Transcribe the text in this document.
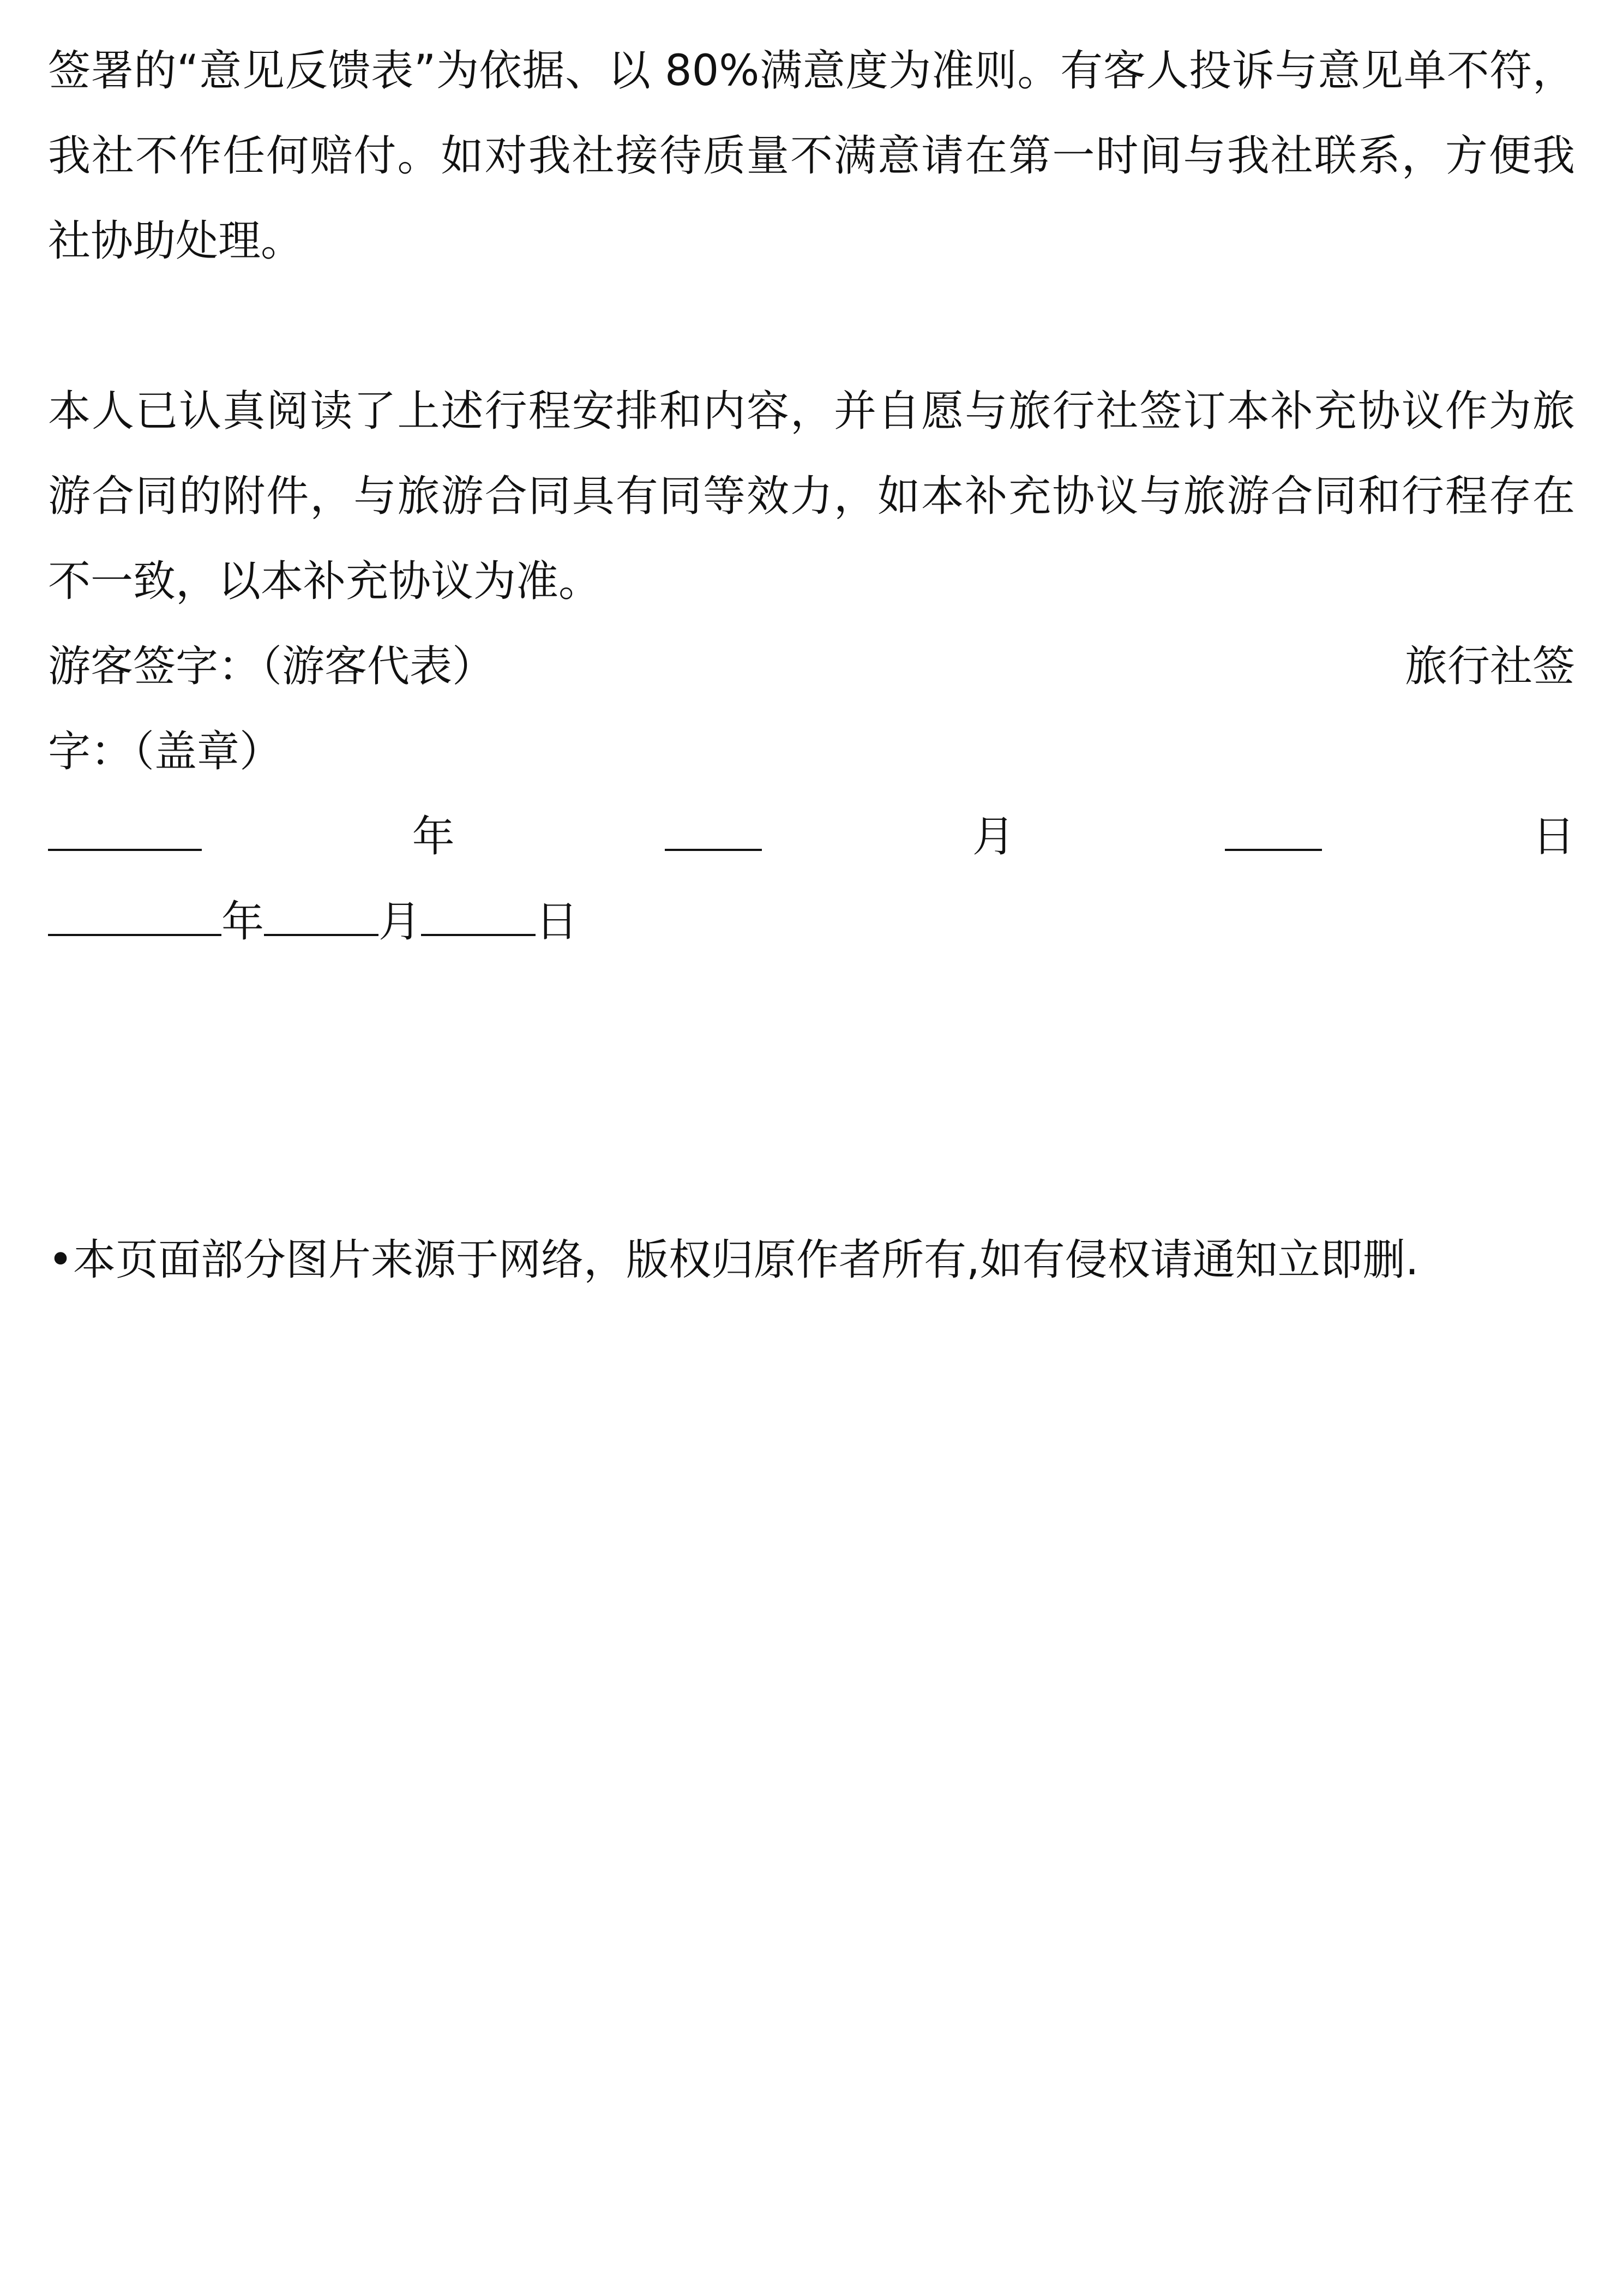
签署的“意见反馈表”为依据、以 80%满意度为准则。有客人投诉与意见单不符，
我社不作任何赔付。如对我社接待质量不满意请在第一时间与我社联系，方便我
社协助处理。
本人已认真阅读了上述行程安排和内容，并自愿与旅行社签订本补充协议作为旅
游合同的附件，与旅游合同具有同等效力，如本补充协议与旅游合同和行程存在
不一致，以本补充协议为准。
游客签字：（游客代表）	旅行社签
字：（盖章）
年	月	日
年	月	日
•本页面部分图片来源于网络，版权归原作者所有,如有侵权请通知立即删.
